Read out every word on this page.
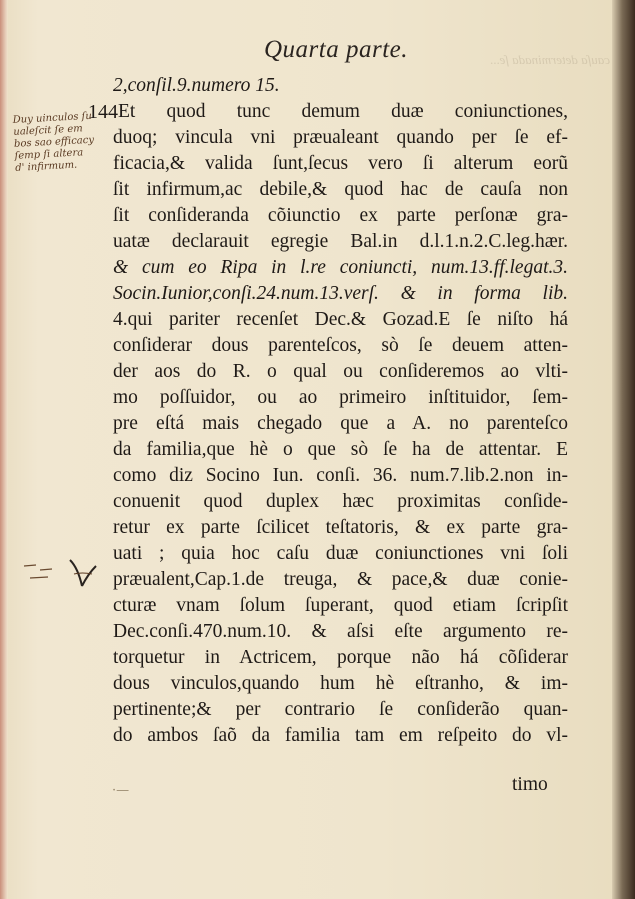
cauſa determinada ſe...
Quarta parte.
144
Duy uinculos ſu
ualeſcit ſe em
bos sao efficacy
ſemp ſi altera
d' infirmum.
2,conſil.9.numero 15.
Et quod tunc demum duæ coniunctiones,
duoq; vincula vni præualeant quando per ſe ef-
ficacia,& valida ſunt,ſecus vero ſi alterum eorũ
ſit infirmum,ac debile,& quod hac de cauſa non
ſit conſideranda cõiunctio ex parte perſonæ gra-
uatæ declarauit egregie Bal.in d.l.1.n.2.C.leg.hær.
& cum eo Ripa in l.re coniuncti, num.13.ff.legat.3.
Socin.Iunior,conſi.24.num.13.verſ. & in forma lib.
4.qui pariter recenſet Dec.& Gozad.E ſe niſto há
conſiderar dous parenteſcos, sò ſe deuem atten-
der aos do R. o qual ou conſideremos ao vlti-
mo poſſuidor, ou ao primeiro inſtituidor, ſem-
pre eſtá mais chegado que a A. no parenteſco
da familia,que hè o que sò ſe ha de attentar. E
como diz Socino Iun. conſi. 36. num.7.lib.2.non in-
conuenit quod duplex hæc proximitas conſide-
retur ex parte ſcilicet teſtatoris, & ex parte gra-
uati ; quia hoc caſu duæ coniunctiones vni ſoli
præualent,Cap.1.de treuga, & pace,& duæ conie-
cturæ vnam ſolum ſuperant, quod etiam ſcripſit
Dec.conſi.470.num.10. & aſsi eſte argumento re-
torquetur in Actricem, porque não há cõſiderar
dous vinculos,quando hum hè eſtranho, & im-
pertinente;& per contrario ſe conſiderão quan-
do ambos ſaõ da familia tam em reſpeito do vl-
timo
·—
